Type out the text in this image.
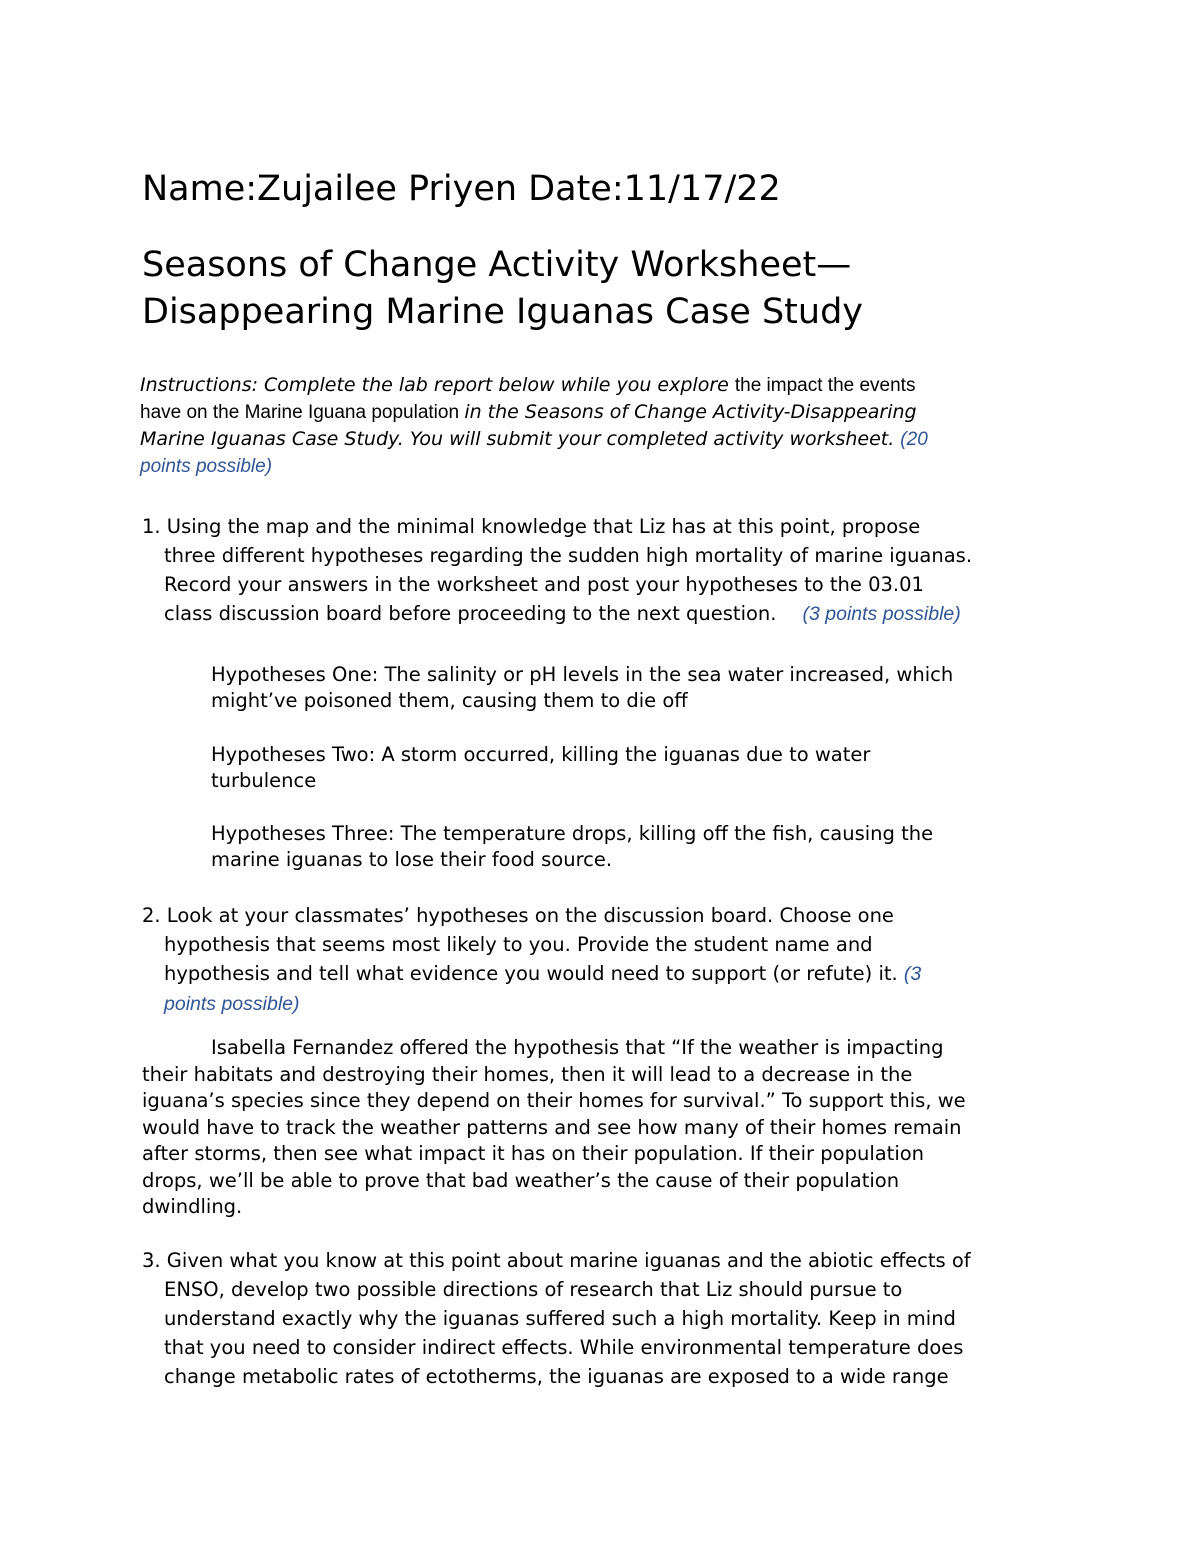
Name:Zujailee Priyen Date:11/17/22
Seasons of Change Activity Worksheet—
Disappearing Marine Iguanas Case Study
Instructions: Complete the lab report below while you explore the impact the events
have on the Marine Iguana population in the Seasons of Change Activity-Disappearing
Marine Iguanas Case Study. You will submit your completed activity worksheet. (20
points possible)
1. Using the map and the minimal knowledge that Liz has at this point, propose
three different hypotheses regarding the sudden high mortality of marine iguanas.
Record your answers in the worksheet and post your hypotheses to the 03.01
class discussion board before proceeding to the next question. (3 points possible)
Hypotheses One: The salinity or pH levels in the sea water increased, which
might’ve poisoned them, causing them to die off
Hypotheses Two: A storm occurred, killing the iguanas due to water
turbulence
Hypotheses Three: The temperature drops, killing off the fish, causing the
marine iguanas to lose their food source.
2. Look at your classmates’ hypotheses on the discussion board. Choose one
hypothesis that seems most likely to you. Provide the student name and
hypothesis and tell what evidence you would need to support (or refute) it. (3
points possible)
Isabella Fernandez offered the hypothesis that “If the weather is impacting
their habitats and destroying their homes, then it will lead to a decrease in the
iguana’s species since they depend on their homes for survival.” To support this, we
would have to track the weather patterns and see how many of their homes remain
after storms, then see what impact it has on their population. If their population
drops, we’ll be able to prove that bad weather’s the cause of their population
dwindling.
3. Given what you know at this point about marine iguanas and the abiotic effects of
ENSO, develop two possible directions of research that Liz should pursue to
understand exactly why the iguanas suffered such a high mortality. Keep in mind
that you need to consider indirect effects. While environmental temperature does
change metabolic rates of ectotherms, the iguanas are exposed to a wide range
